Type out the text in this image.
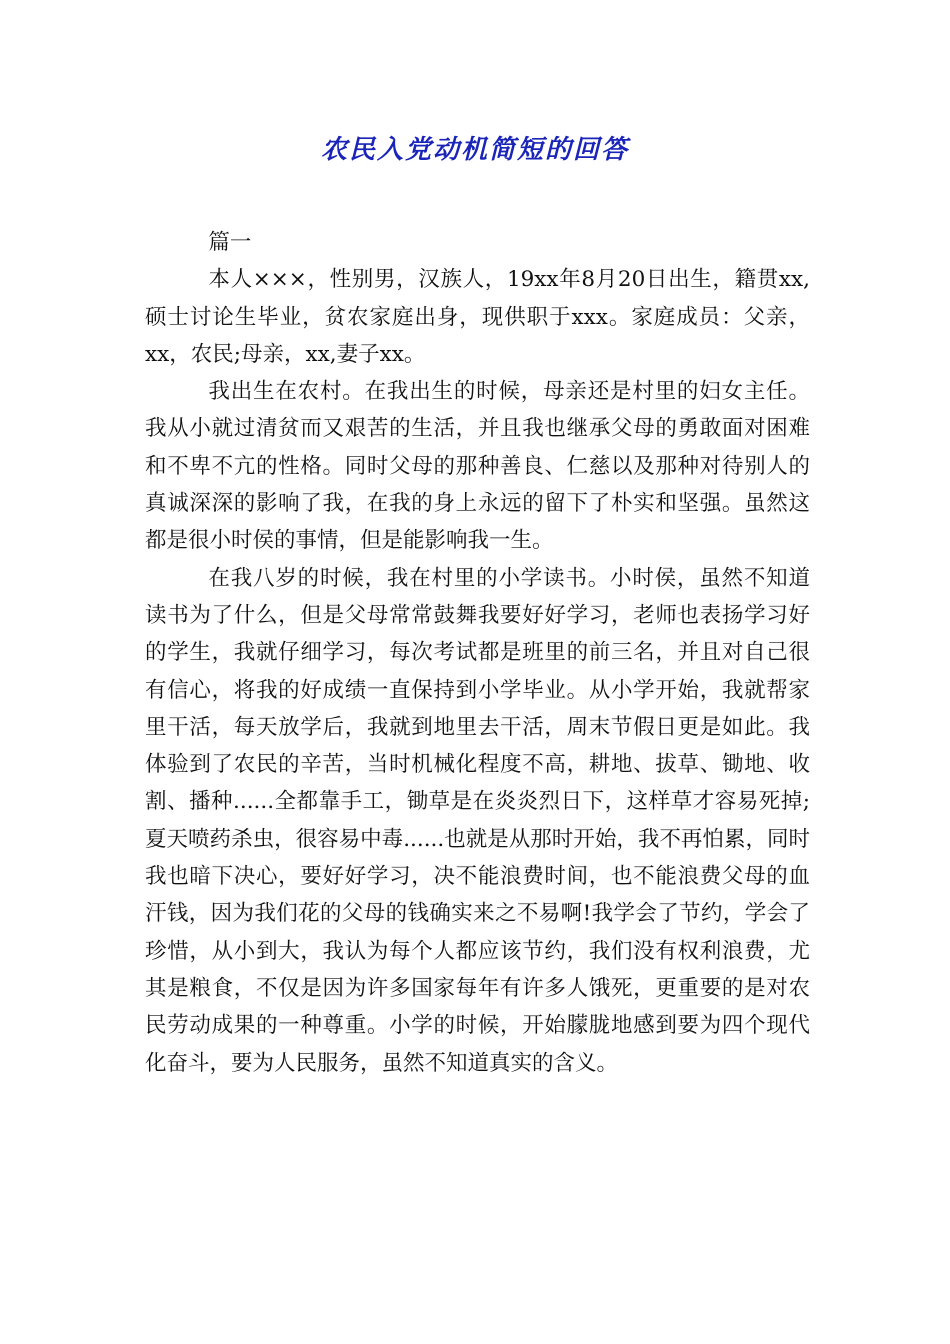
农民入党动机简短的回答

篇一

本人×××，性别男，汉族人，19xx年8月20日出生，籍贯xx,硕士讨论生毕业，贫农家庭出身，现供职于xxx。家庭成员：父亲，xx，农民;母亲，xx,妻子xx。

我出生在农村。在我出生的时候，母亲还是村里的妇女主任。我从小就过清贫而又艰苦的生活，并且我也继承父母的勇敢面对困难和不卑不亢的性格。同时父母的那种善良、仁慈以及那种对待别人的真诚深深的影响了我，在我的身上永远的留下了朴实和坚强。虽然这都是很小时侯的事情，但是能影响我一生。

在我八岁的时候，我在村里的小学读书。小时侯，虽然不知道读书为了什么，但是父母常常鼓舞我要好好学习，老师也表扬学习好的学生，我就仔细学习，每次考试都是班里的前三名，并且对自己很有信心，将我的好成绩一直保持到小学毕业。从小学开始，我就帮家里干活，每天放学后，我就到地里去干活，周末节假日更是如此。我体验到了农民的辛苦，当时机械化程度不高，耕地、拔草、锄地、收割、播种......全都靠手工，锄草是在炎炎烈日下，这样草才容易死掉;夏天喷药杀虫，很容易中毒......也就是从那时开始，我不再怕累，同时我也暗下决心，要好好学习，决不能浪费时间，也不能浪费父母的血汗钱，因为我们花的父母的钱确实来之不易啊!我学会了节约，学会了珍惜，从小到大，我认为每个人都应该节约，我们没有权利浪费，尤其是粮食，不仅是因为许多国家每年有许多人饿死，更重要的是对农民劳动成果的一种尊重。小学的时候，开始朦胧地感到要为四个现代化奋斗，要为人民服务，虽然不知道真实的含义。
